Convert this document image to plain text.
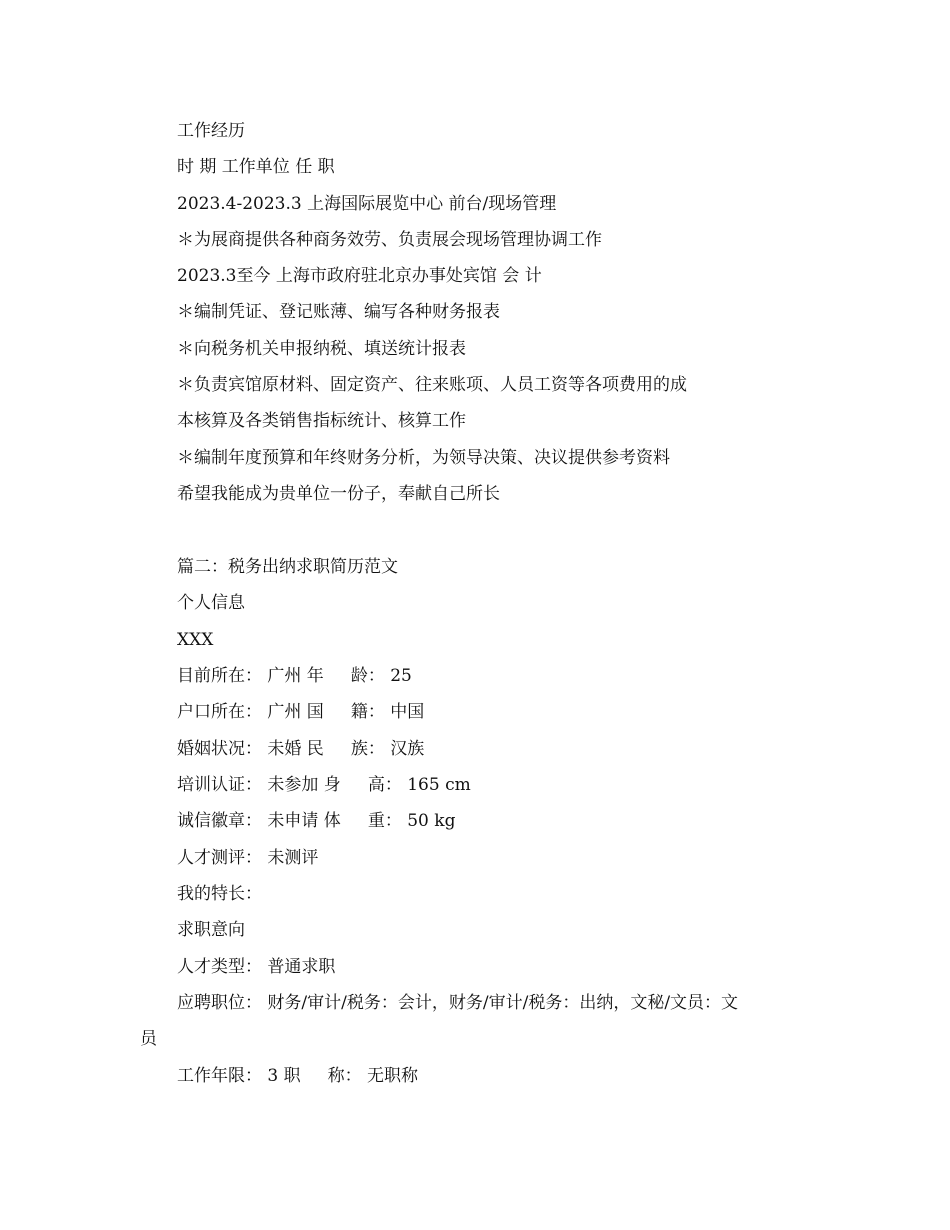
工作经历
时 期 工作单位 任 职
2023.4-2023.3 上海国际展览中心 前台/现场管理
＊为展商提供各种商务效劳、负责展会现场管理协调工作
2023.3至今 上海市政府驻北京办事处宾馆 会 计
＊编制凭证、登记账薄、编写各种财务报表
＊向税务机关申报纳税、填送统计报表
＊负责宾馆原材料、固定资产、往来账项、人员工资等各项费用的成
本核算及各类销售指标统计、核算工作
＊编制年度预算和年终财务分析，为领导决策、决议提供参考资料
希望我能成为贵单位一份子，奉献自己所长
篇二：税务出纳求职简历范文
个人信息
XXX
目前所在： 广州 年     龄： 25
户口所在： 广州 国     籍： 中国
婚姻状况： 未婚 民     族： 汉族
培训认证： 未参加 身     高： 165 cm
诚信徽章： 未申请 体     重： 50 kg
人才测评： 未测评
我的特长：
求职意向
人才类型： 普通求职
应聘职位： 财务/审计/税务：会计，财务/审计/税务：出纳，文秘/文员：文
员
工作年限： 3 职     称： 无职称
